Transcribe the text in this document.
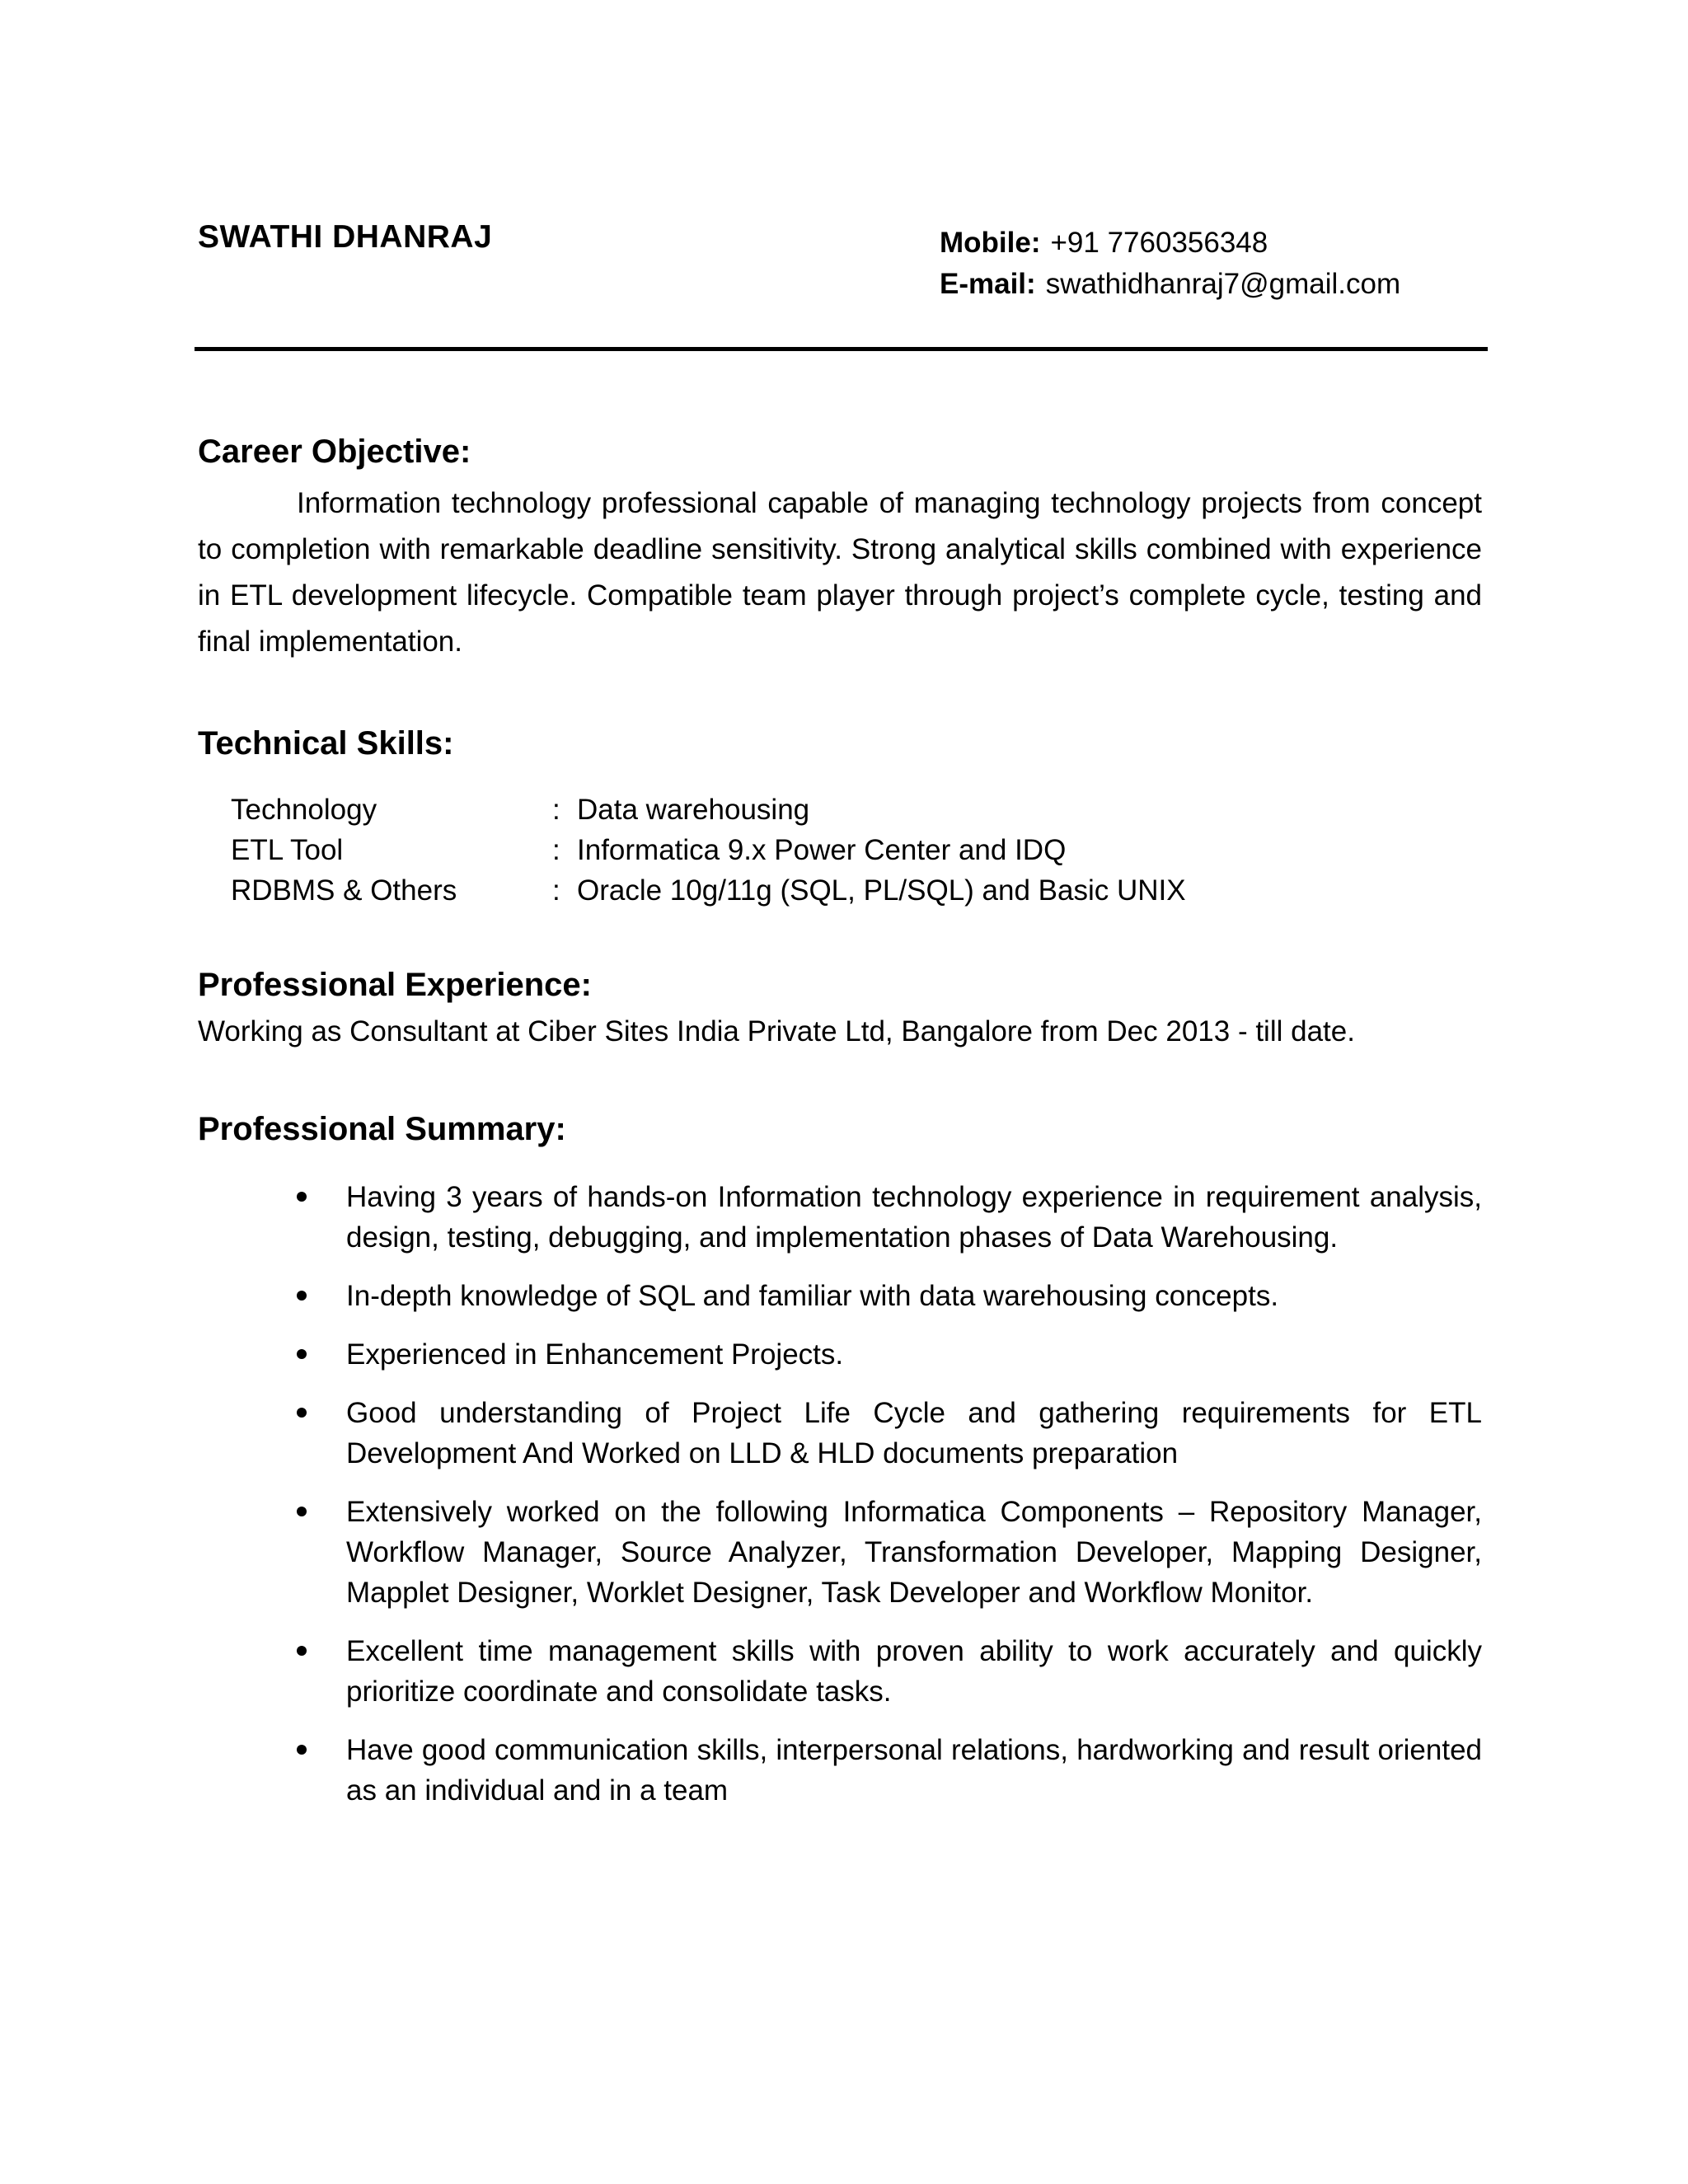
SWATHI DHANRAJ	Mobile: +91 7760356348
E-mail: swathidhanraj7@gmail.com
Career Objective:
Information technology professional capable of managing technology projects from concept to completion with remarkable deadline sensitivity. Strong analytical skills combined with experience in ETL development lifecycle. Compatible team player through project’s complete cycle, testing and final implementation.
Technical Skills:
Technology	: Data warehousing
ETL Tool	: Informatica 9.x Power Center and IDQ
RDBMS & Others	: Oracle 10g/11g (SQL, PL/SQL) and Basic UNIX
Professional Experience:
Working as Consultant at Ciber Sites India Private Ltd, Bangalore from Dec 2013 - till date.
Professional Summary:
Having 3 years of hands-on Information technology experience in requirement analysis, design, testing, debugging, and implementation phases of Data Warehousing.
In-depth knowledge of SQL and familiar with data warehousing concepts.
Experienced in Enhancement Projects.
Good understanding of Project Life Cycle and gathering requirements for ETL Development And Worked on LLD & HLD documents preparation
Extensively worked on the following Informatica Components – Repository Manager, Workflow Manager, Source Analyzer, Transformation Developer, Mapping Designer, Mapplet Designer, Worklet Designer, Task Developer and Workflow Monitor.
Excellent time management skills with proven ability to work accurately and quickly prioritize coordinate and consolidate tasks.
Have good communication skills, interpersonal relations, hardworking and result oriented as an individual and in a team
